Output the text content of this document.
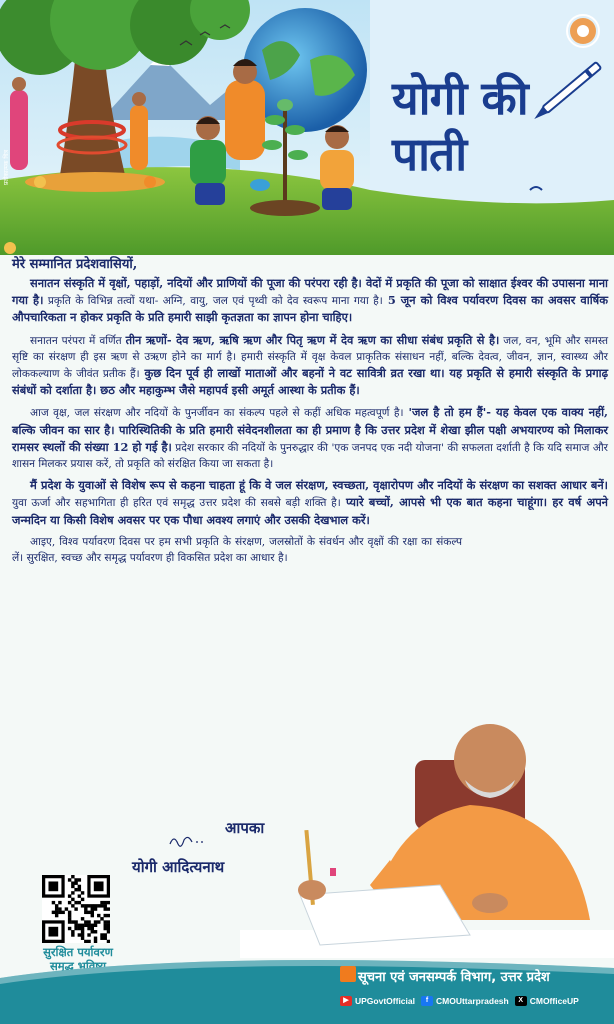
प्रतीकात्मक चित्र
योगी की
पाती
मेरे सम्मानित प्रदेशवासियों,

सनातन संस्कृति में वृक्षों, पहाड़ों, नदियों और प्राणियों की पूजा की परंपरा रही है। वेदों में प्रकृति की पूजा को साक्षात ईश्वर की उपासना माना गया है। प्रकृति के विभिन्न तत्वों यथा- अग्नि, वायु, जल एवं पृथ्वी को देव स्वरूप माना गया है। 5 जून को विश्व पर्यावरण दिवस का अवसर वार्षिक औपचारिकता न होकर प्रकृति के प्रति हमारी साझी कृतज्ञता का ज्ञापन होना चाहिए।

सनातन परंपरा में वर्णित तीन ऋणों- देव ऋण, ऋषि ऋण और पितृ ऋण में देव ऋण का सीधा संबंध प्रकृति से है। जल, वन, भूमि और समस्त सृष्टि का संरक्षण ही इस ऋण से उऋण होने का मार्ग है। हमारी संस्कृति में वृक्ष केवल प्राकृतिक संसाधन नहीं, बल्कि देवत्व, जीवन, ज्ञान, स्वास्थ्य और लोककल्याण के जीवंत प्रतीक हैं। कुछ दिन पूर्व ही लाखों माताओं और बहनों ने वट सावित्री व्रत रखा था। यह प्रकृति से हमारी संस्कृति के प्रगाढ़ संबंधों को दर्शाता है। छठ और महाकुम्भ जैसे महापर्व इसी अमूर्त आस्था के प्रतीक हैं।

आज वृक्ष, जल संरक्षण और नदियों के पुनर्जीवन का संकल्प पहले से कहीं अधिक महत्वपूर्ण है। 'जल है तो हम हैं'- यह केवल एक वाक्य नहीं, बल्कि जीवन का सार है। पारिस्थितिकी के प्रति हमारी संवेदनशीलता का ही प्रमाण है कि उत्तर प्रदेश में शेखा झील पक्षी अभयारण्य को मिलाकर रामसर स्थलों की संख्या 12 हो गई है। प्रदेश सरकार की नदियों के पुनरुद्धार की 'एक जनपद एक नदी योजना' की सफलता दर्शाती है कि यदि समाज और शासन मिलकर प्रयास करें, तो प्रकृति को संरक्षित किया जा सकता है।

मैं प्रदेश के युवाओं से विशेष रूप से कहना चाहता हूं कि वे जल संरक्षण, स्वच्छता, वृक्षारोपण और नदियों के संरक्षण का सशक्त आधार बनें। युवा ऊर्जा और सहभागिता ही हरित एवं समृद्ध उत्तर प्रदेश की सबसे बड़ी शक्ति है। प्यारे बच्चों, आपसे भी एक बात कहना चाहूंगा। हर वर्ष अपने जन्मदिन या किसी विशेष अवसर पर एक पौधा अवश्य लगाएं और उसकी देखभाल करें।

आइए, विश्व पर्यावरण दिवस पर हम सभी प्रकृति के संरक्षण, जलस्रोतों के संवर्धन और वृक्षों की रक्षा का संकल्प लें। सुरक्षित, स्वच्छ और समृद्ध पर्यावरण ही विकसित प्रदेश का आधार है।

आपका
योगी आदित्यनाथ
सुरक्षित पर्यावरण
समृद्ध भविष्य
सूचना एवं जनसम्पर्क विभाग, उत्तर प्रदेश
▶ UPGovtOfficial	f CMOUttarpradesh	X CMOfficeUP
